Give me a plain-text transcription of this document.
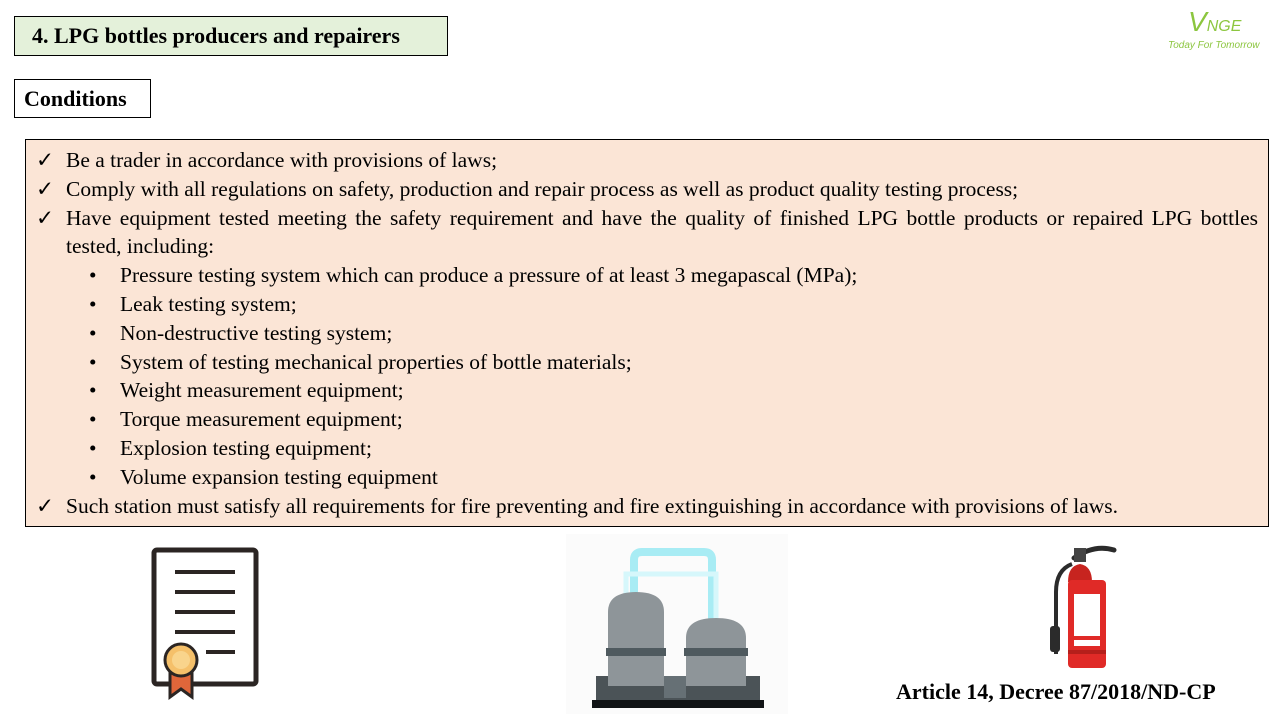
4. LPG bottles producers and repairers	VNGE
Today For Tomorrow
Conditions
✓ Be a trader in accordance with provisions of laws;
✓ Comply with all regulations on safety, production and repair process as well as product quality testing process;
✓ Have equipment tested meeting the safety requirement and have the quality of finished LPG bottle products or repaired LPG bottles tested, including:
•	Pressure testing system which can produce a pressure of at least 3 megapascal (MPa);
•	Leak testing system;
•	Non-destructive testing system;
•	System of testing mechanical properties of bottle materials;
•	Weight measurement equipment;
•	Torque measurement equipment;
•	Explosion testing equipment;
•	Volume expansion testing equipment
✓ Such station must satisfy all requirements for fire preventing and fire extinguishing in accordance with provisions of laws.
Article 14, Decree 87/2018/ND-CP
